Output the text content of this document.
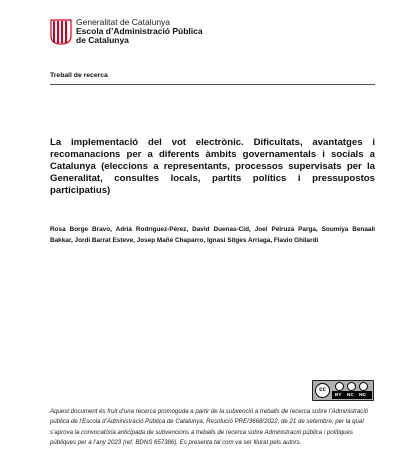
Generalitat de Catalunya
Escola d’Administració Pública
de Catalunya
Treball de recerca
La implementació del vot electrònic. Dificultats, avantatges i recomanacions per a diferents àmbits governamentals i socials a Catalunya (eleccions a representants, processos supervisats per la Generalitat, consultes locals, partits polítics i pressupostos participatius)
Rosa Borge Bravo, Adrià Rodríguez-Pérez, David Duenas-Cid, Joel Peiruza Parga, Soumiya Benaali Bakkar, Jordi Barrat Esteve, Josep Mañé Chaparro, Ignasi Sitges Arriaga, Flavio Ghilardi
cc
BY NC ND
Aquest document és fruit d’una recerca promoguda a partir de la subvenció a treballs de recerca sobre l’Administració pública de l’Escola d’Administració Pública de Catalunya, Resolució PRE/3668/2022, de 21 de setembre, per la qual s’aprova la convocatòria anticipada de subvencions a treballs de recerca sobre Administració pública i polítiques públiques per a l’any 2023 (ref. BDNS 657386). Es presenta tal com va ser lliurat pels autors.
